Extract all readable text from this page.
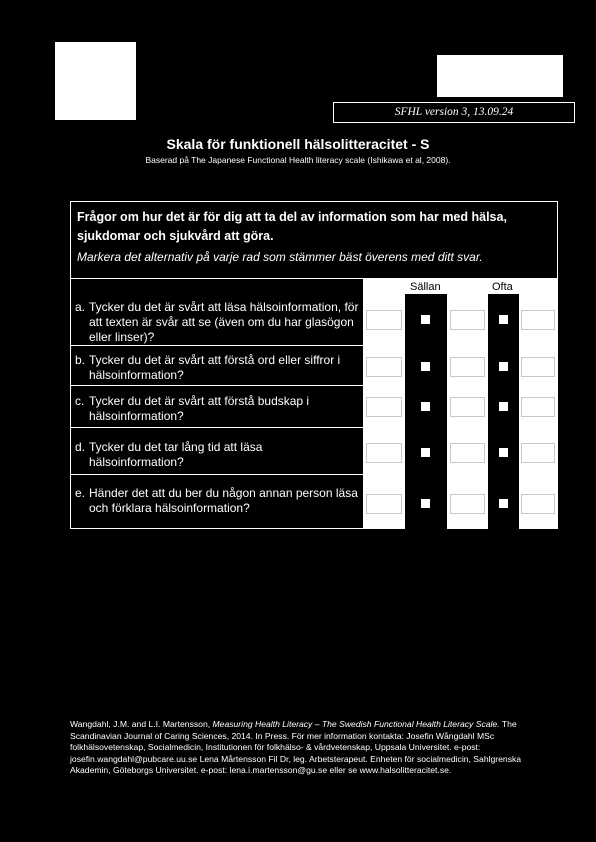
SFHL version 3, 13.09.24
Skala för funktionell hälsolitteracitet - S
Baserad på The Japanese Functional Health literacy scale (Ishikawa et al, 2008).
Frågor om hur det är för dig att ta del av information som har med hälsa, sjukdomar och sjukvård att göra.
Markera det alternativ på varje rad som stämmer bäst överens med ditt svar.
Sällan	Ofta
a. Tycker du det är svårt att läsa hälsoinformation, för att texten är svår att se (även om du har glasögon eller linser)?
b. Tycker du det är svårt att förstå ord eller siffror i hälsoinformation?
c. Tycker du det är svårt att förstå budskap i hälsoinformation?
d. Tycker du det tar lång tid att läsa hälsoinformation?
e. Händer det att du ber du någon annan person läsa och förklara hälsoinformation?
Wangdahl, J.M. and L.I. Martensson, Measuring Health Literacy – The Swedish Functional Health Literacy Scale. The Scandinavian Journal of Caring Sciences, 2014. In Press. För mer information kontakta: Josefin Wångdahl MSc folkhälsovetenskap, Socialmedicin, Institutionen för folkhälso- & vårdvetenskap, Uppsala Universitet. e-post: josefin.wangdahl@pubcare.uu.se Lena Mårtensson Fil Dr, leg. Arbetsterapeut. Enheten för socialmedicin, Sahlgrenska Akademin, Göteborgs Universitet. e-post: lena.i.martensson@gu.se eller se www.halsolitteracitet.se.
